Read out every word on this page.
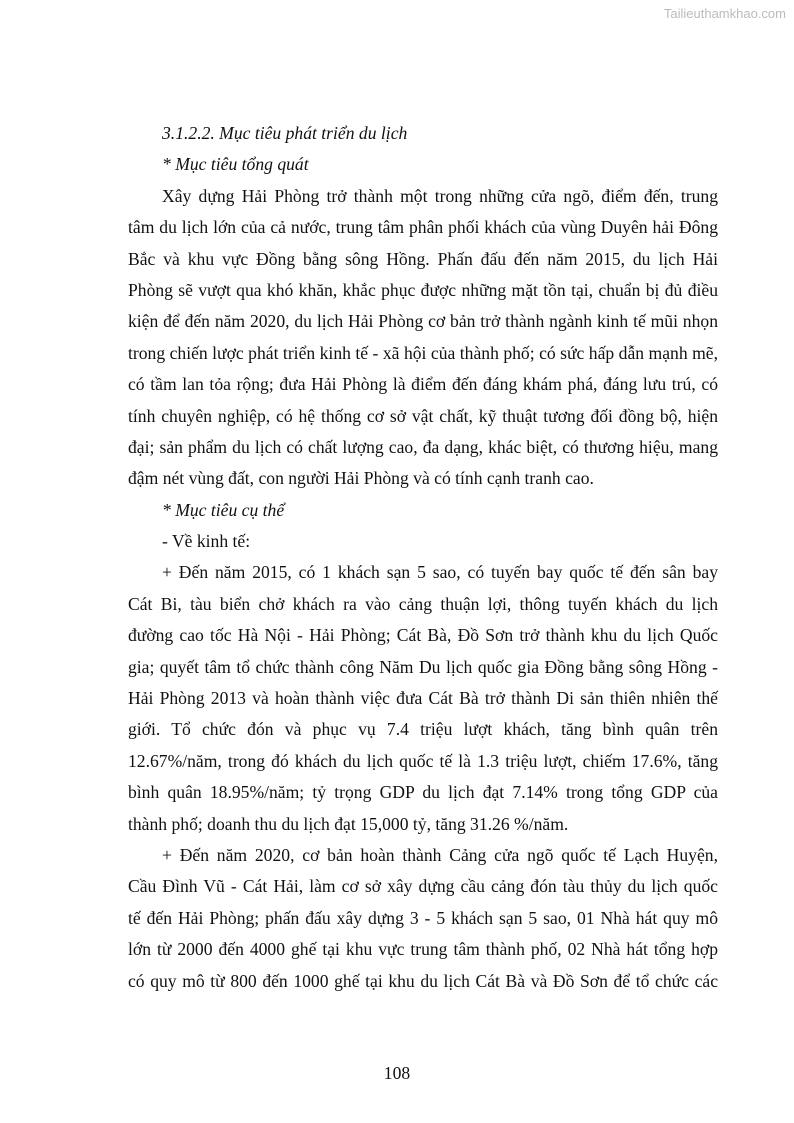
Tailieuthamkhao.com
3.1.2.2. Mục tiêu phát triển du lịch
* Mục tiêu tổng quát
Xây dựng Hải Phòng trở thành một trong những cửa ngõ, điểm đến, trung
tâm du lịch lớn của cả nước, trung tâm phân phối khách của vùng Duyên hải Đông
Bắc và khu vực Đồng bằng sông Hồng. Phấn đấu đến năm 2015, du lịch Hải
Phòng sẽ vượt qua khó khăn, khắc phục được những mặt tồn tại, chuẩn bị đủ điều
kiện để đến năm 2020, du lịch Hải Phòng cơ bản trở thành ngành kinh tế mũi nhọn
trong chiến lược phát triển kinh tế - xã hội của thành phố; có sức hấp dẫn mạnh mẽ,
có tầm lan tỏa rộng; đưa Hải Phòng là điểm đến đáng khám phá, đáng lưu trú, có
tính chuyên nghiệp, có hệ thống cơ sở vật chất, kỹ thuật tương đối đồng bộ, hiện
đại; sản phẩm du lịch có chất lượng cao, đa dạng, khác biệt, có thương hiệu, mang
đậm nét vùng đất, con người Hải Phòng và có tính cạnh tranh cao.
* Mục tiêu cụ thể
- Về kinh tế:
+ Đến năm 2015, có 1 khách sạn 5 sao, có tuyến bay quốc tế đến sân bay
Cát Bi, tàu biển chở khách ra vào cảng thuận lợi, thông tuyến khách du lịch
đường cao tốc Hà Nội - Hải Phòng; Cát Bà, Đồ Sơn trở thành khu du lịch Quốc
gia; quyết tâm tổ chức thành công Năm Du lịch quốc gia Đồng bằng sông Hồng -
Hải Phòng 2013 và hoàn thành việc đưa Cát Bà trở thành Di sản thiên nhiên thế
giới. Tổ chức đón và phục vụ 7.4 triệu lượt khách, tăng bình quân trên
12.67%/năm, trong đó khách du lịch quốc tế là 1.3 triệu lượt, chiếm 17.6%, tăng
bình quân 18.95%/năm; tỷ trọng GDP du lịch đạt 7.14% trong tổng GDP của
thành phố; doanh thu du lịch đạt 15,000 tỷ, tăng 31.26 %/năm.
+ Đến năm 2020, cơ bản hoàn thành Cảng cửa ngõ quốc tế Lạch Huyện,
Cầu Đình Vũ - Cát Hải, làm cơ sở xây dựng cầu cảng đón tàu thủy du lịch quốc
tế đến Hải Phòng; phấn đấu xây dựng 3 - 5 khách sạn 5 sao, 01 Nhà hát quy mô
lớn từ 2000 đến 4000 ghế tại khu vực trung tâm thành phố, 02 Nhà hát tổng hợp
có quy mô từ 800 đến 1000 ghế tại khu du lịch Cát Bà và Đồ Sơn để tổ chức các
108
